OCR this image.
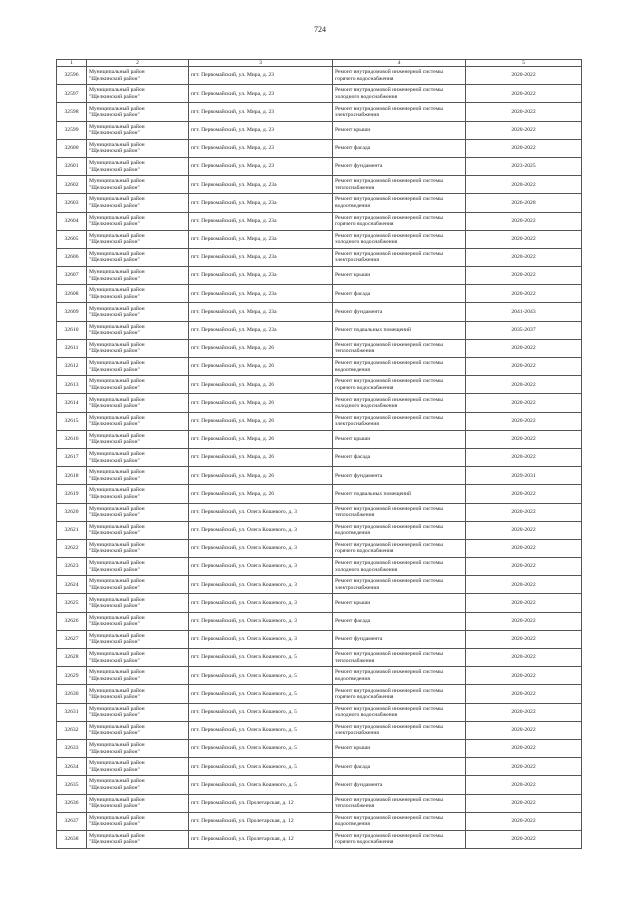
724
1	2	3	4	5
32596	Муниципальный район
"Щелкинский район"	пгт. Первомайский, ул. Мира, д. 23	Ремонт внутридомовой инженерной системы
горячего водоснабжения	2020-2022
32597	Муниципальный район
"Щелкинский район"	пгт. Первомайский, ул. Мира, д. 23	Ремонт внутридомовой инженерной системы
холодного водоснабжения	2020-2022
32598	Муниципальный район
"Щелкинский район"	пгт. Первомайский, ул. Мира, д. 23	Ремонт внутридомовой инженерной системы
электроснабжения	2020-2022
32599	Муниципальный район
"Щелкинский район"	пгт. Первомайский, ул. Мира, д. 23	Ремонт крыши	2020-2022
32600	Муниципальный район
"Щелкинский район"	пгт. Первомайский, ул. Мира, д. 23	Ремонт фасада	2020-2022
32601	Муниципальный район
"Щелкинский район"	пгт. Первомайский, ул. Мира, д. 23	Ремонт фундамента	2023-2025
32602	Муниципальный район
"Щелкинский район"	пгт. Первомайский, ул. Мира, д. 23а	Ремонт внутридомовой инженерной системы
теплоснабжения	2020-2022
32603	Муниципальный район
"Щелкинский район"	пгт. Первомайский, ул. Мира, д. 23а	Ремонт внутридомовой инженерной системы
водоотведения	2026-2028
32604	Муниципальный район
"Щелкинский район"	пгт. Первомайский, ул. Мира, д. 23а	Ремонт внутридомовой инженерной системы
горячего водоснабжения	2020-2022
32605	Муниципальный район
"Щелкинский район"	пгт. Первомайский, ул. Мира, д. 23а	Ремонт внутридомовой инженерной системы
холодного водоснабжения	2020-2022
32606	Муниципальный район
"Щелкинский район"	пгт. Первомайский, ул. Мира, д. 23а	Ремонт внутридомовой инженерной системы
электроснабжения	2020-2022
32607	Муниципальный район
"Щелкинский район"	пгт. Первомайский, ул. Мира, д. 23а	Ремонт крыши	2020-2022
32608	Муниципальный район
"Щелкинский район"	пгт. Первомайский, ул. Мира, д. 23а	Ремонт фасада	2020-2022
32609	Муниципальный район
"Щелкинский район"	пгт. Первомайский, ул. Мира, д. 23а	Ремонт фундамента	2041-2043
32610	Муниципальный район
"Щелкинский район"	пгт. Первомайский, ул. Мира, д. 23а	Ремонт подвальных помещений	2035-2037
32611	Муниципальный район
"Щелкинский район"	пгт. Первомайский, ул. Мира, д. 26	Ремонт внутридомовой инженерной системы
теплоснабжения	2020-2022
32612	Муниципальный район
"Щелкинский район"	пгт. Первомайский, ул. Мира, д. 26	Ремонт внутридомовой инженерной системы
водоотведения	2020-2022
32613	Муниципальный район
"Щелкинский район"	пгт. Первомайский, ул. Мира, д. 26	Ремонт внутридомовой инженерной системы
горячего водоснабжения	2020-2022
32614	Муниципальный район
"Щелкинский район"	пгт. Первомайский, ул. Мира, д. 26	Ремонт внутридомовой инженерной системы
холодного водоснабжения	2020-2022
32615	Муниципальный район
"Щелкинский район"	пгт. Первомайский, ул. Мира, д. 26	Ремонт внутридомовой инженерной системы
электроснабжения	2020-2022
32616	Муниципальный район
"Щелкинский район"	пгт. Первомайский, ул. Мира, д. 26	Ремонт крыши	2020-2022
32617	Муниципальный район
"Щелкинский район"	пгт. Первомайский, ул. Мира, д. 26	Ремонт фасада	2020-2022
32618	Муниципальный район
"Щелкинский район"	пгт. Первомайский, ул. Мира, д. 26	Ремонт фундамента	2029-2031
32619	Муниципальный район
"Щелкинский район"	пгт. Первомайский, ул. Мира, д. 26	Ремонт подвальных помещений	2020-2022
32620	Муниципальный район
"Щелкинский район"	пгт. Первомайский, ул. Олега Кошевого, д. 3	Ремонт внутридомовой инженерной системы
теплоснабжения	2020-2022
32621	Муниципальный район
"Щелкинский район"	пгт. Первомайский, ул. Олега Кошевого, д. 3	Ремонт внутридомовой инженерной системы
водоотведения	2020-2022
32622	Муниципальный район
"Щелкинский район"	пгт. Первомайский, ул. Олега Кошевого, д. 3	Ремонт внутридомовой инженерной системы
горячего водоснабжения	2020-2022
32623	Муниципальный район
"Щелкинский район"	пгт. Первомайский, ул. Олега Кошевого, д. 3	Ремонт внутридомовой инженерной системы
холодного водоснабжения	2020-2022
32624	Муниципальный район
"Щелкинский район"	пгт. Первомайский, ул. Олега Кошевого, д. 3	Ремонт внутридомовой инженерной системы
электроснабжения	2020-2022
32625	Муниципальный район
"Щелкинский район"	пгт. Первомайский, ул. Олега Кошевого, д. 3	Ремонт крыши	2020-2022
32626	Муниципальный район
"Щелкинский район"	пгт. Первомайский, ул. Олега Кошевого, д. 3	Ремонт фасада	2020-2022
32627	Муниципальный район
"Щелкинский район"	пгт. Первомайский, ул. Олега Кошевого, д. 3	Ремонт фундамента	2020-2022
32628	Муниципальный район
"Щелкинский район"	пгт. Первомайский, ул. Олега Кошевого, д. 5	Ремонт внутридомовой инженерной системы
теплоснабжения	2020-2022
32629	Муниципальный район
"Щелкинский район"	пгт. Первомайский, ул. Олега Кошевого, д. 5	Ремонт внутридомовой инженерной системы
водоотведения	2020-2022
32630	Муниципальный район
"Щелкинский район"	пгт. Первомайский, ул. Олега Кошевого, д. 5	Ремонт внутридомовой инженерной системы
горячего водоснабжения	2020-2022
32631	Муниципальный район
"Щелкинский район"	пгт. Первомайский, ул. Олега Кошевого, д. 5	Ремонт внутридомовой инженерной системы
холодного водоснабжения	2020-2022
32632	Муниципальный район
"Щелкинский район"	пгт. Первомайский, ул. Олега Кошевого, д. 5	Ремонт внутридомовой инженерной системы
электроснабжения	2020-2022
32633	Муниципальный район
"Щелкинский район"	пгт. Первомайский, ул. Олега Кошевого, д. 5	Ремонт крыши	2020-2022
32634	Муниципальный район
"Щелкинский район"	пгт. Первомайский, ул. Олега Кошевого, д. 5	Ремонт фасада	2020-2022
32635	Муниципальный район
"Щелкинский район"	пгт. Первомайский, ул. Олега Кошевого, д. 5	Ремонт фундамента	2020-2022
32636	Муниципальный район
"Щелкинский район"	пгт. Первомайский, ул. Пролетарская, д. 12	Ремонт внутридомовой инженерной системы
теплоснабжения	2020-2022
32637	Муниципальный район
"Щелкинский район"	пгт. Первомайский, ул. Пролетарская, д. 12	Ремонт внутридомовой инженерной системы
водоотведения	2020-2022
32638	Муниципальный район
"Щелкинский район"	пгт. Первомайский, ул. Пролетарская, д. 12	Ремонт внутридомовой инженерной системы
горячего водоснабжения	2020-2022
